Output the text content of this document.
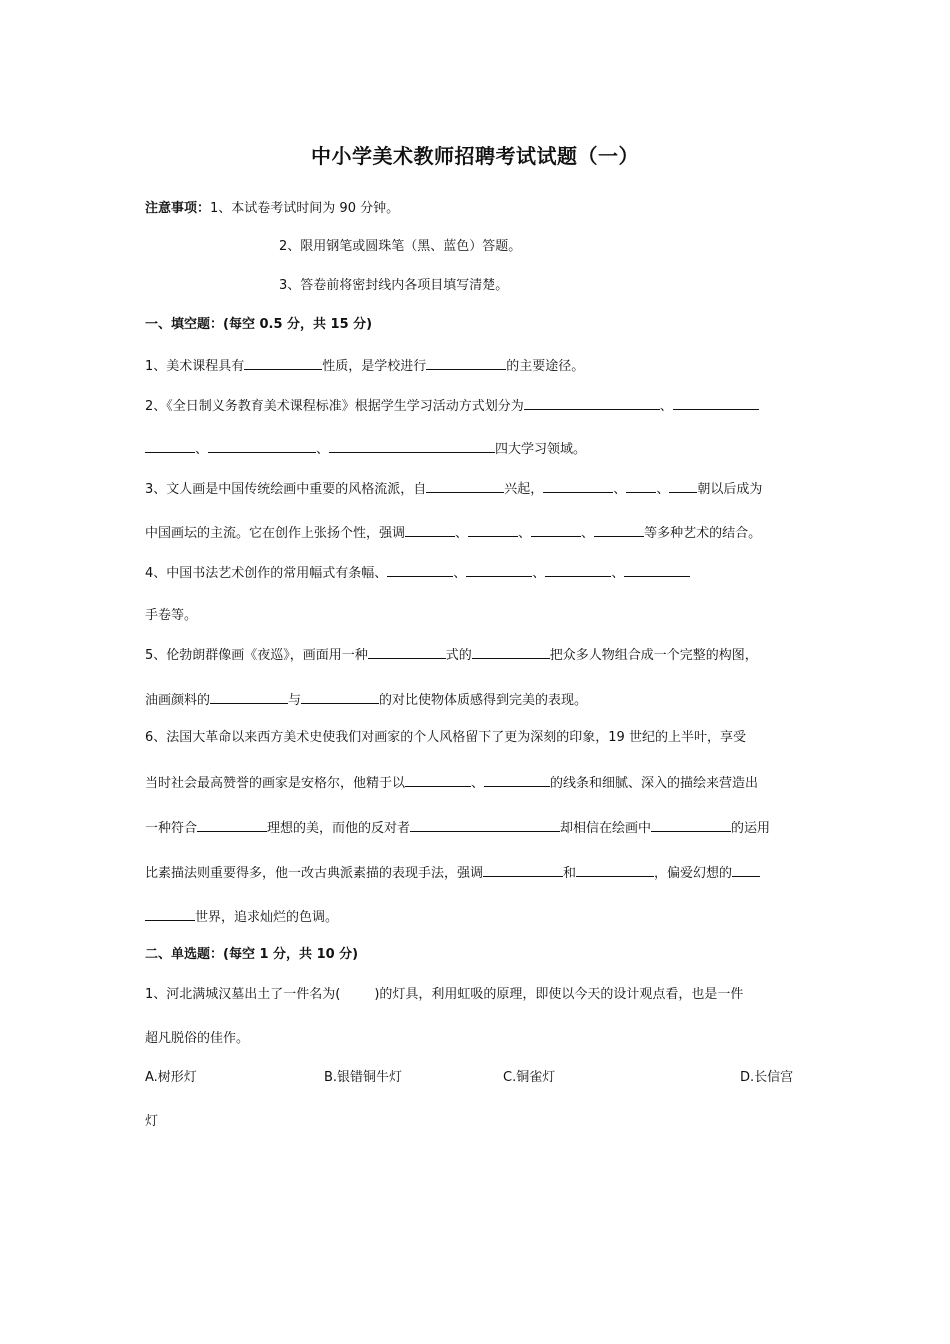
中小学美术教师招聘考试试题（一）
注意事项：1、本试卷考试时间为 90 分钟。
2、限用钢笔或圆珠笔（黑、蓝色）答题。
3、答卷前将密封线内各项目填写清楚。
一、填空题：(每空 0.5 分，共 15 分)
1、美术课程具有	性质，是学校进行	的主要途径。
2、《全日制义务教育美术课程标准》根据学生学习活动方式划分为	、
、	、	四大学习领域。
3、文人画是中国传统绘画中重要的风格流派，自	兴起，	、 、 朝以后成为
中国画坛的主流。它在创作上张扬个性，强调	、	、	、	等多种艺术的结合。
4、中国书法艺术创作的常用幅式有条幅、	、	、	、
手卷等。
5、伦勃朗群像画《夜巡》，画面用一种	式的	把众多人物组合成一个完整的构图，
油画颜料的	与	的对比使物体质感得到完美的表现。
6、法国大革命以来西方美术史使我们对画家的个人风格留下了更为深刻的印象，19 世纪的上半叶，享受
当时社会最高赞誉的画家是安格尔，他精于以	、	的线条和细腻、深入的描绘来营造出
一种符合	理想的美，而他的反对者	却相信在绘画中	的运用
比素描法则重要得多，他一改古典派素描的表现手法，强调	和	，偏爱幻想的
世界，追求灿烂的色调。
二、单选题：(每空 1 分，共 10 分)
1、河北满城汉墓出土了一件名为(	)的灯具，利用虹吸的原理，即使以今天的设计观点看，也是一件
超凡脱俗的佳作。
A.树形灯	B.银错铜牛灯	C.铜雀灯	D.长信宫
灯
